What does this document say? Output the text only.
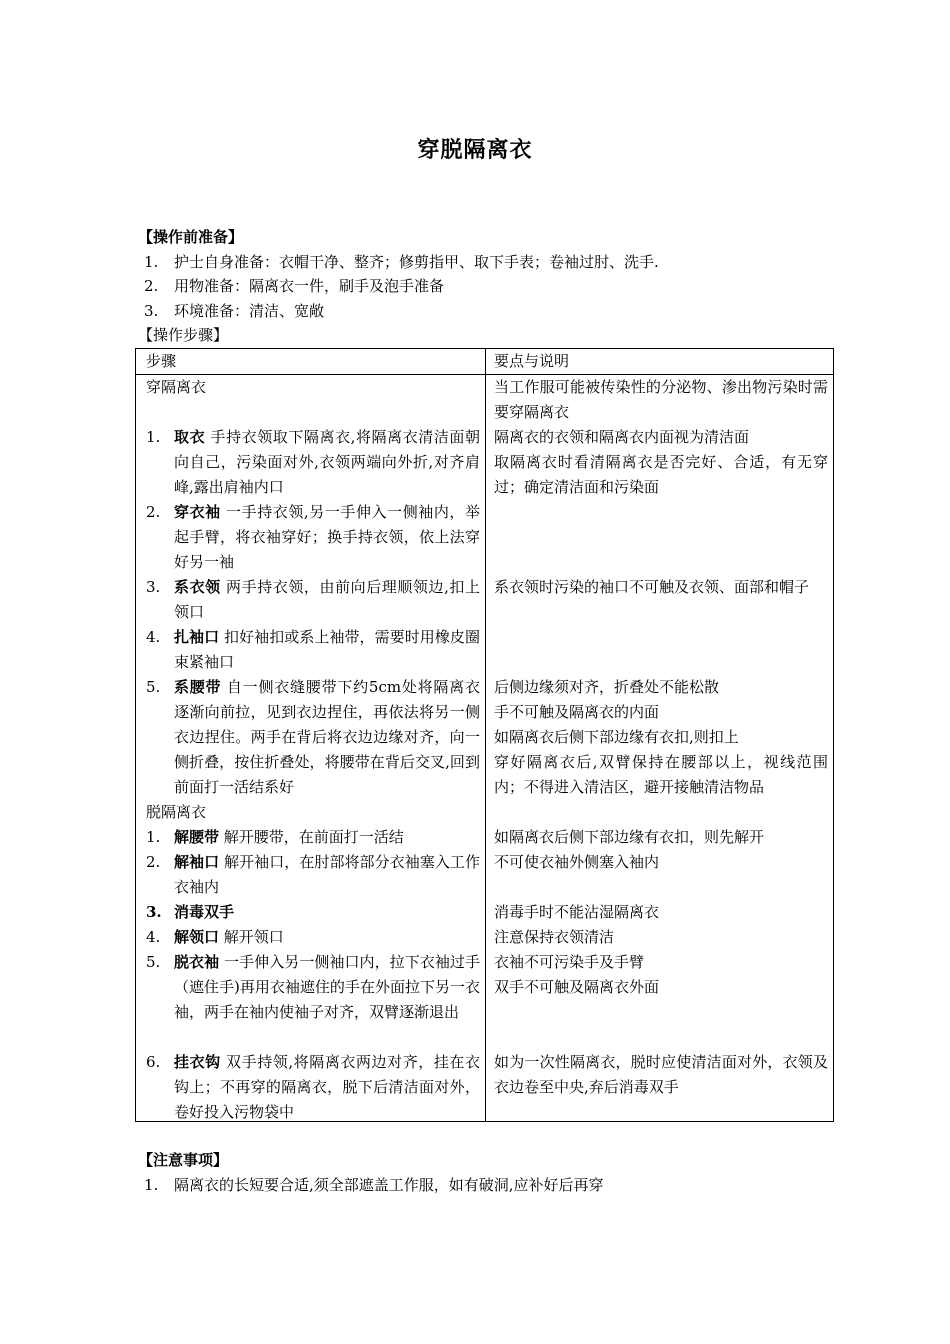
穿脱隔离衣
【操作前准备】
1. 护士自身准备：衣帽干净、整齐；修剪指甲、取下手表；卷袖过肘、洗手.
2. 用物准备：隔离衣一件，刷手及泡手准备
3. 环境准备：清洁、宽敞
【操作步骤】
步骤	要点与说明
穿隔离衣
1. 取衣 手持衣领取下隔离衣,将隔离衣清洁面朝向自己，污染面对外,衣领两端向外折,对齐肩峰,露出肩袖内口
2. 穿衣袖 一手持衣领,另一手伸入一侧袖内，举起手臂，将衣袖穿好；换手持衣领，依上法穿好另一袖
3. 系衣领 两手持衣领，由前向后理顺领边,扣上领口
4. 扎袖口 扣好袖扣或系上袖带，需要时用橡皮圈束紧袖口
5. 系腰带 自一侧衣缝腰带下约5cm处将隔离衣逐渐向前拉，见到衣边捏住，再依法将另一侧衣边捏住。两手在背后将衣边边缘对齐，向一侧折叠，按住折叠处，将腰带在背后交叉,回到前面打一活结系好
脱隔离衣
1. 解腰带 解开腰带，在前面打一活结
2. 解袖口 解开袖口，在肘部将部分衣袖塞入工作衣袖内
3. 消毒双手
4. 解领口 解开领口
5. 脱衣袖 一手伸入另一侧袖口内，拉下衣袖过手（遮住手)再用衣袖遮住的手在外面拉下另一衣袖，两手在袖内使袖子对齐，双臂逐渐退出
6. 挂衣钩 双手持领,将隔离衣两边对齐，挂在衣钩上；不再穿的隔离衣，脱下后清洁面对外，卷好投入污物袋中
当工作服可能被传染性的分泌物、渗出物污染时需要穿隔离衣
隔离衣的衣领和隔离衣内面视为清洁面
取隔离衣时看清隔离衣是否完好、合适，有无穿过；确定清洁面和污染面
系衣领时污染的袖口不可触及衣领、面部和帽子
后侧边缘须对齐，折叠处不能松散
手不可触及隔离衣的内面
如隔离衣后侧下部边缘有衣扣,则扣上
穿好隔离衣后,双臂保持在腰部以上，视线范围内；不得进入清洁区，避开接触清洁物品
如隔离衣后侧下部边缘有衣扣，则先解开
不可使衣袖外侧塞入袖内
消毒手时不能沾湿隔离衣
注意保持衣领清洁
衣袖不可污染手及手臂
双手不可触及隔离衣外面
如为一次性隔离衣，脱时应使清洁面对外，衣领及衣边卷至中央,弃后消毒双手
【注意事项】
1. 隔离衣的长短要合适,须全部遮盖工作服，如有破洞,应补好后再穿
